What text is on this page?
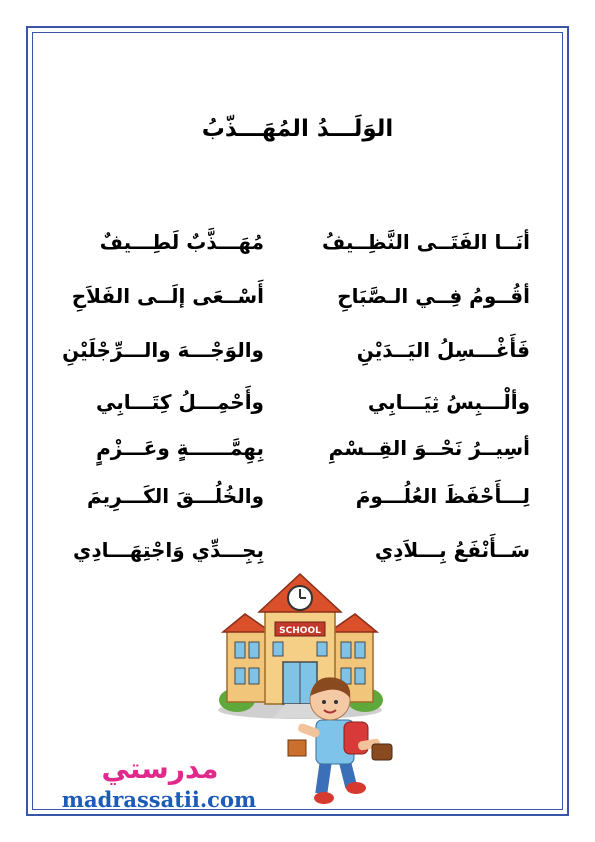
الوَلَـــدُ المُهَـــذّبُ
أنَــا الفَتَــى النَّظِــيفُ
مُهَـــذَّبٌ لَطِـــيفٌ
أقُــومُ فِــي الـصَّبَاحِ
أَسْــعَى إلَــى الفَلاَحِ
فَأَغْـــسِلُ اليَــدَيْنِ
والوَجْـــهَ والـــرِّجْلَيْنِ
وألْـــبِسُ ثِيَـــابِي
وأَحْمِـــلُ كِتَـــابِي
أسِيــرُ نَحْــوَ القِــسْمِ
بِهِمَّــــــةٍ وعَـــزْمٍ
لِـــأَحْفَظَ العُلُـــومَ
والخُلُـــقَ الكَـــرِيمَ
سَــأَنْفَعُ بِـــلاَدِي
بِجِـــدِّي وَاجْتِهَـــادِي
SCHOOL
مدرستي
madrassatii.com
